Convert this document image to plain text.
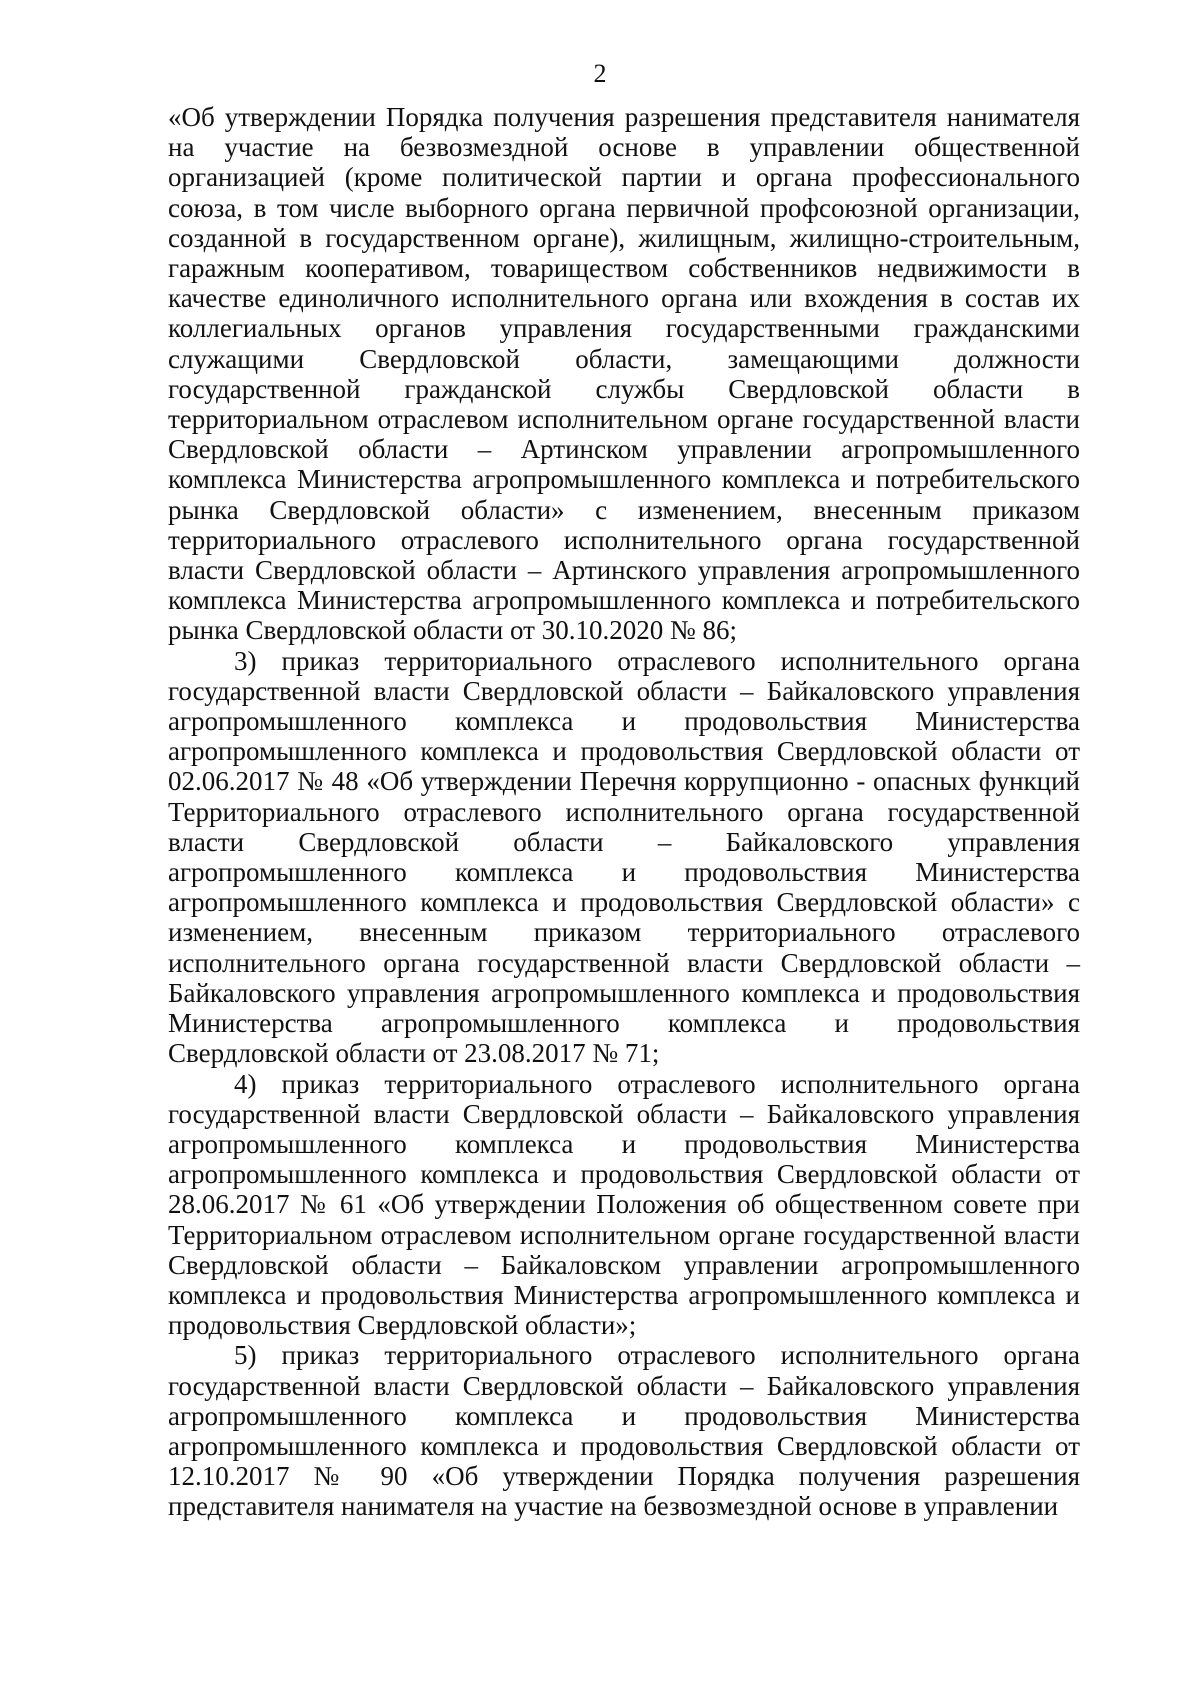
2

«Об утверждении Порядка получения разрешения представителя нанимателя на участие на безвозмездной основе в управлении общественной организацией (кроме политической партии и органа профессионального союза, в том числе выборного органа первичной профсоюзной организации, созданной в государственном органе), жилищным, жилищно-строительным, гаражным кооперативом, товариществом собственников недвижимости в качестве единоличного исполнительного органа или вхождения в состав их коллегиальных органов управления государственными гражданскими служащими Свердловской области, замещающими должности государственной гражданской службы Свердловской области в территориальном отраслевом исполнительном органе государственной власти Свердловской области – Артинском управлении агропромышленного комплекса Министерства агропромышленного комплекса и потребительского рынка Свердловской области» с изменением, внесенным приказом территориального отраслевого исполнительного органа государственной власти Свердловской области – Артинского управления агропромышленного комплекса Министерства агропромышленного комплекса и потребительского рынка Свердловской области от 30.10.2020 № 86;

3) приказ территориального отраслевого исполнительного органа государственной власти Свердловской области – Байкаловского управления агропромышленного комплекса и продовольствия Министерства агропромышленного комплекса и продовольствия Свердловской области от 02.06.2017 № 48 «Об утверждении Перечня коррупционно - опасных функций Территориального отраслевого исполнительного органа государственной власти Свердловской области – Байкаловского управления агропромышленного комплекса и продовольствия Министерства агропромышленного комплекса и продовольствия Свердловской области» с изменением, внесенным приказом территориального отраслевого исполнительного органа государственной власти Свердловской области – Байкаловского управления агропромышленного комплекса и продовольствия Министерства агропромышленного комплекса и продовольствия Свердловской области от 23.08.2017 № 71;

4) приказ территориального отраслевого исполнительного органа государственной власти Свердловской области – Байкаловского управления агропромышленного комплекса и продовольствия Министерства агропромышленного комплекса и продовольствия Свердловской области от 28.06.2017 № 61 «Об утверждении Положения об общественном совете при Территориальном отраслевом исполнительном органе государственной власти Свердловской области – Байкаловском управлении агропромышленного комплекса и продовольствия Министерства агропромышленного комплекса и продовольствия Свердловской области»;

5) приказ территориального отраслевого исполнительного органа государственной власти Свердловской области – Байкаловского управления агропромышленного комплекса и продовольствия Министерства агропромышленного комплекса и продовольствия Свердловской области от 12.10.2017 № 90 «Об утверждении Порядка получения разрешения представителя нанимателя на участие на безвозмездной основе в управлении
